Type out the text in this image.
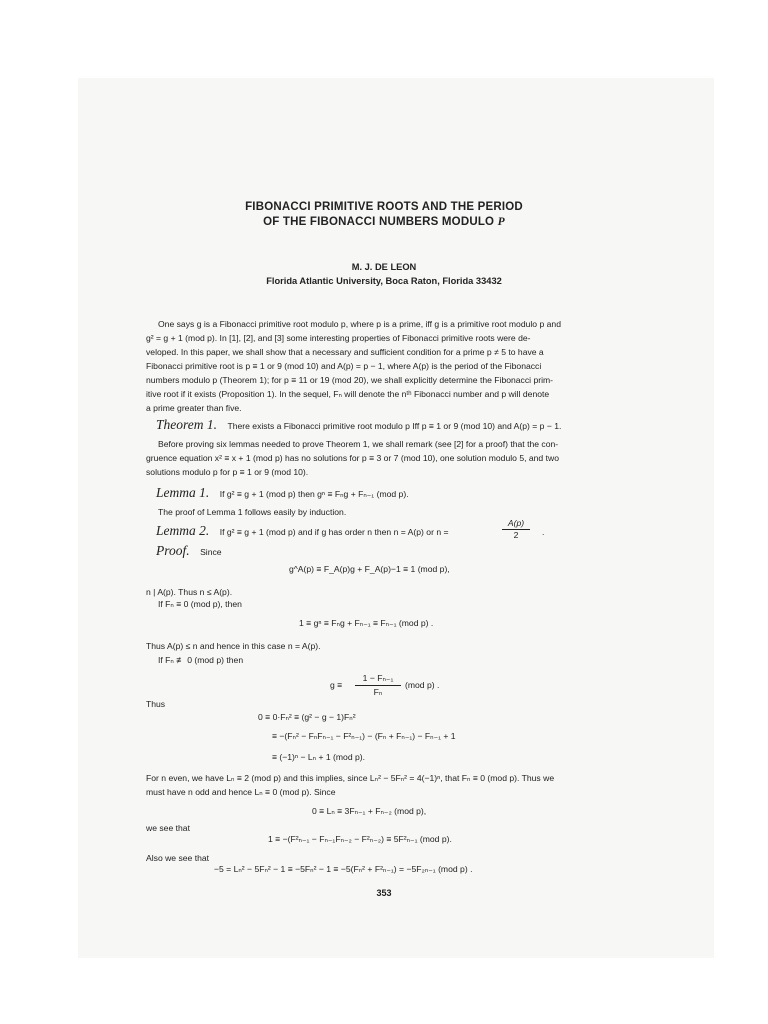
FIBONACCI PRIMITIVE ROOTS AND THE PERIOD
OF THE FIBONACCI NUMBERS MODULO P
M. J. DE LEON
Florida Atlantic University, Boca Raton, Florida 33432
One says g is a Fibonacci primitive root modulo p, where p is a prime, iff g is a primitive root modulo p and
g² = g + 1 (mod p). In [1], [2], and [3] some interesting properties of Fibonacci primitive roots were de-
veloped. In this paper, we shall show that a necessary and sufficient condition for a prime p ≠ 5 to have a
Fibonacci primitive root is p ≡ 1 or 9 (mod 10) and A(p) = p − 1, where A(p) is the period of the Fibonacci
numbers modulo p (Theorem 1); for p ≡ 11 or 19 (mod 20), we shall explicitly determine the Fibonacci prim-
itive root if it exists (Proposition 1). In the sequel, Fₙ will denote the nᵗʰ Fibonacci number and p will denote
a prime greater than five.
Theorem 1. There exists a Fibonacci primitive root modulo p Iff p ≡ 1 or 9 (mod 10) and A(p) = p − 1.
Before proving six lemmas needed to prove Theorem 1, we shall remark (see [2] for a proof) that the con-
gruence equation x² ≡ x + 1 (mod p) has no solutions for p ≡ 3 or 7 (mod 10), one solution modulo 5, and two
solutions modulo p for p ≡ 1 or 9 (mod 10).
Lemma 1. If g² ≡ g + 1 (mod p) then gⁿ ≡ Fₙg + Fₙ₋₁ (mod p).
The proof of Lemma 1 follows easily by induction.
Lemma 2. If g² ≡ g + 1 (mod p) and if g has order n then n = A(p) or n =	$\frac{A(p)}{2}$ .
Proof. Since
g^A(p) ≡ F_A(p)g + F_A(p)−1 ≡ 1 (mod p),
n | A(p). Thus n ≤ A(p).
If Fₙ ≡ 0 (mod p), then
1 ≡ gⁿ ≡ Fₙg + Fₙ₋₁ ≡ Fₙ₋₁ (mod p) .
Thus A(p) ≤ n and hence in this case n = A(p).
If Fₙ ≢ 0 (mod p) then
$g \equiv \frac{\text{1 − Fₙ₋₁}}{\text{Fₙ}} (mod$ p) .
Thus
0 ≡ 0·Fₙ² ≡ (g² − g − 1)Fₙ²
≡ −(Fₙ² − FₙFₙ₋₁ − F²ₙ₋₁) − (Fₙ + Fₙ₋₁) − Fₙ₋₁ + 1
≡ (−1)ⁿ − Lₙ + 1 (mod p).
For n even, we have Lₙ ≡ 2 (mod p) and this implies, since Lₙ² − 5Fₙ² = 4(−1)ⁿ, that Fₙ ≡ 0 (mod p). Thus we
must have n odd and hence Lₙ ≡ 0 (mod p). Since
0 ≡ Lₙ ≡ 3Fₙ₋₁ + Fₙ₋₂ (mod p),
we see that
1 ≡ −(F²ₙ₋₁ − Fₙ₋₁Fₙ₋₂ − F²ₙ₋₂) ≡ 5F²ₙ₋₁ (mod p).
Also we see that
−5 = Lₙ² − 5Fₙ² − 1 ≡ −5Fₙ² − 1 ≡ −5(Fₙ² + F²ₙ₋₁) = −5F₂ₙ₋₁ (mod p) .
353
